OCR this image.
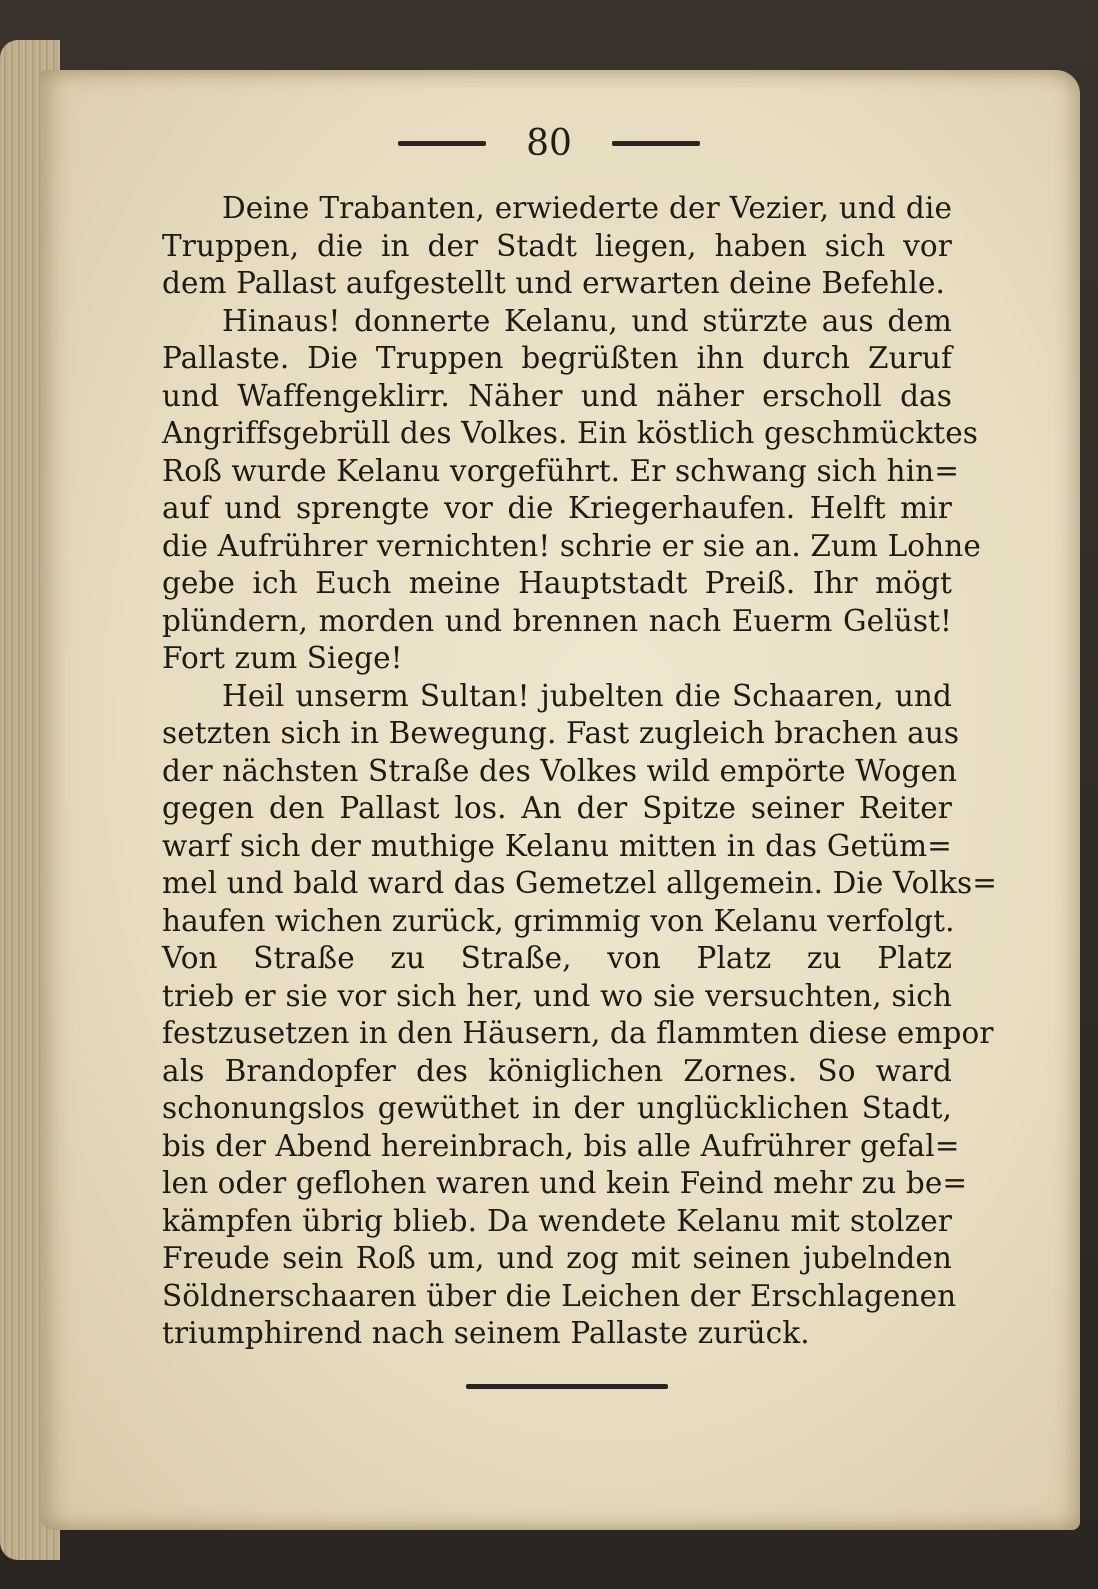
80
Deine Trabanten, erwiederte der Vezier, und die
Truppen, die in der Stadt liegen, haben sich vor
dem Pallast aufgestellt und erwarten deine Befehle.
Hinaus! donnerte Kelanu, und stürzte aus dem
Pallaste. Die Truppen begrüßten ihn durch Zuruf
und Waffengeklirr. Näher und näher erscholl das
Angriffsgebrüll des Volkes. Ein köstlich geschmücktes
Roß wurde Kelanu vorgeführt. Er schwang sich hin=
auf und sprengte vor die Kriegerhaufen. Helft mir
die Aufrührer vernichten! schrie er sie an. Zum Lohne
gebe ich Euch meine Hauptstadt Preiß. Ihr mögt
plündern, morden und brennen nach Euerm Gelüst!
Fort zum Siege!
Heil unserm Sultan! jubelten die Schaaren, und
setzten sich in Bewegung. Fast zugleich brachen aus
der nächsten Straße des Volkes wild empörte Wogen
gegen den Pallast los. An der Spitze seiner Reiter
warf sich der muthige Kelanu mitten in das Getüm=
mel und bald ward das Gemetzel allgemein. Die Volks=
haufen wichen zurück, grimmig von Kelanu verfolgt.
Von Straße zu Straße, von Platz zu Platz
trieb er sie vor sich her, und wo sie versuchten, sich
festzusetzen in den Häusern, da flammten diese empor
als Brandopfer des königlichen Zornes. So ward
schonungslos gewüthet in der unglücklichen Stadt,
bis der Abend hereinbrach, bis alle Aufrührer gefal=
len oder geflohen waren und kein Feind mehr zu be=
kämpfen übrig blieb. Da wendete Kelanu mit stolzer
Freude sein Roß um, und zog mit seinen jubelnden
Söldnerschaaren über die Leichen der Erschlagenen
triumphirend nach seinem Pallaste zurück.
